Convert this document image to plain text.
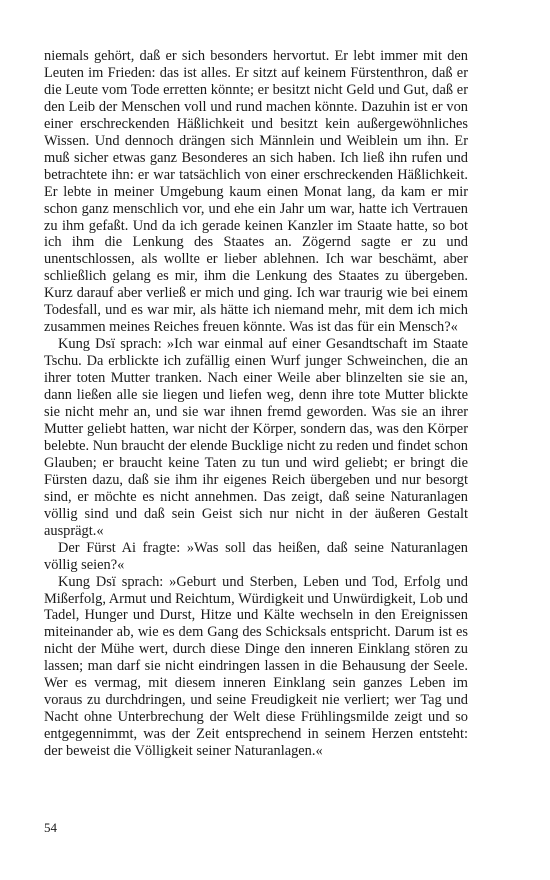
niemals gehört, daß er sich besonders hervortut. Er lebt immer mit den Leuten im Frieden: das ist alles. Er sitzt auf keinem Fürstenthron, daß er die Leute vom Tode erretten könnte; er besitzt nicht Geld und Gut, daß er den Leib der Menschen voll und rund machen könnte. Dazuhin ist er von einer erschreckenden Häßlichkeit und besitzt kein außergewöhnliches Wissen. Und dennoch drängen sich Männlein und Weiblein um ihn. Er muß sicher etwas ganz Besonderes an sich haben. Ich ließ ihn rufen und betrachtete ihn: er war tatsächlich von einer erschreckenden Häßlichkeit. Er lebte in meiner Umgebung kaum einen Monat lang, da kam er mir schon ganz menschlich vor, und ehe ein Jahr um war, hatte ich Vertrauen zu ihm gefaßt. Und da ich gerade keinen Kanzler im Staate hatte, so bot ich ihm die Lenkung des Staates an. Zögernd sagte er zu und unentschlossen, als wollte er lieber ablehnen. Ich war beschämt, aber schließlich gelang es mir, ihm die Lenkung des Staates zu übergeben. Kurz darauf aber verließ er mich und ging. Ich war traurig wie bei einem Todesfall, und es war mir, als hätte ich niemand mehr, mit dem ich mich zusammen meines Reiches freuen könnte. Was ist das für ein Mensch?«

Kung Dsï sprach: »Ich war einmal auf einer Gesandtschaft im Staate Tschu. Da erblickte ich zufällig einen Wurf junger Schweinchen, die an ihrer toten Mutter tranken. Nach einer Weile aber blinzelten sie sie an, dann ließen alle sie liegen und liefen weg, denn ihre tote Mutter blickte sie nicht mehr an, und sie war ihnen fremd geworden. Was sie an ihrer Mutter geliebt hatten, war nicht der Körper, sondern das, was den Körper belebte. Nun braucht der elende Bucklige nicht zu reden und findet schon Glauben; er braucht keine Taten zu tun und wird geliebt; er bringt die Fürsten dazu, daß sie ihm ihr eigenes Reich übergeben und nur besorgt sind, er möchte es nicht annehmen. Das zeigt, daß seine Naturanlagen völlig sind und daß sein Geist sich nur nicht in der äußeren Gestalt ausprägt.«

Der Fürst Ai fragte: »Was soll das heißen, daß seine Naturanlagen völlig seien?«

Kung Dsï sprach: »Geburt und Sterben, Leben und Tod, Erfolg und Mißerfolg, Armut und Reichtum, Würdigkeit und Unwürdigkeit, Lob und Tadel, Hunger und Durst, Hitze und Kälte wechseln in den Ereignissen miteinander ab, wie es dem Gang des Schicksals entspricht. Darum ist es nicht der Mühe wert, durch diese Dinge den inneren Einklang stören zu lassen; man darf sie nicht eindringen lassen in die Behausung der Seele. Wer es vermag, mit diesem inneren Einklang sein ganzes Leben im voraus zu durchdringen, und seine Freudigkeit nie verliert; wer Tag und Nacht ohne Unterbrechung der Welt diese Frühlingsmilde zeigt und so entgegennimmt, was der Zeit entsprechend in seinem Herzen entsteht: der beweist die Völligkeit seiner Naturanlagen.«

54
